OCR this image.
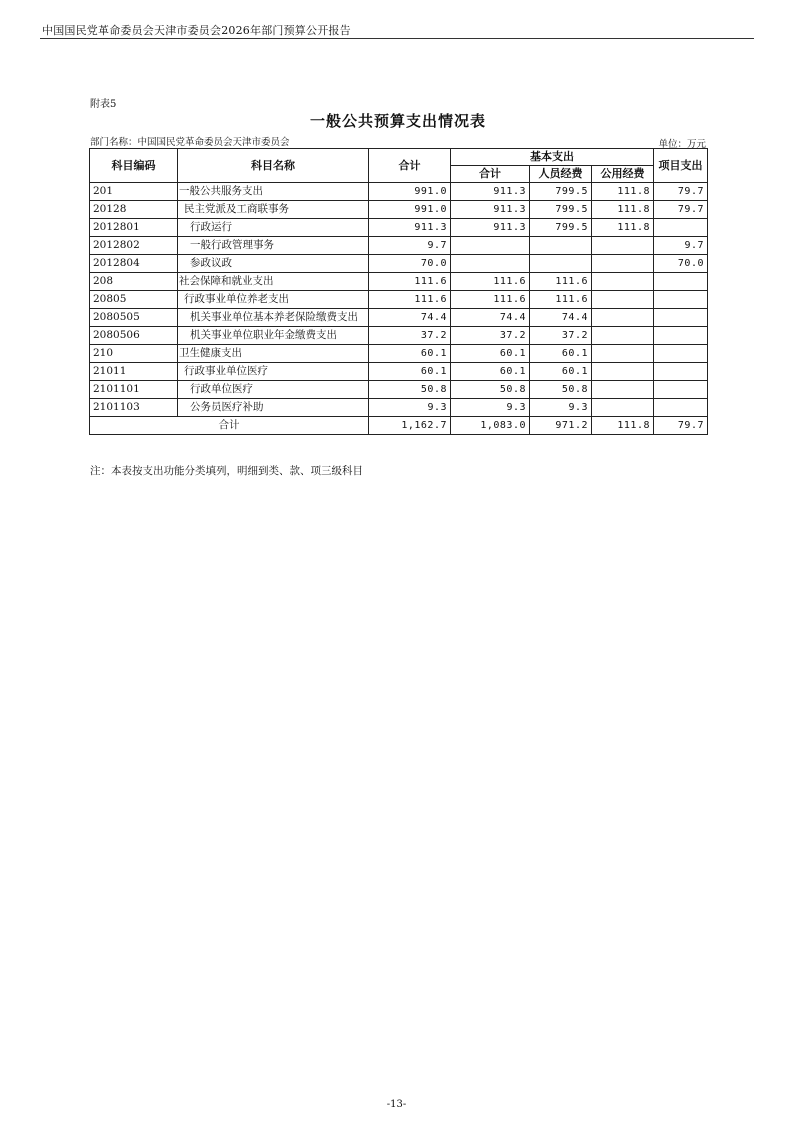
中国国民党革命委员会天津市委员会2026年部门预算公开报告
附表5
一般公共预算支出情况表
部门名称：中国国民党革命委员会天津市委员会	单位：万元
科目编码	科目名称	合计	基本支出			项目支出
			合计	人员经费	公用经费	
201	一般公共服务支出	991.0	911.3	799.5	111.8	79.7
20128	民主党派及工商联事务	991.0	911.3	799.5	111.8	79.7
2012801	行政运行	911.3	911.3	799.5	111.8	
2012802	一般行政管理事务	9.7				9.7
2012804	参政议政	70.0				70.0
208	社会保障和就业支出	111.6	111.6	111.6		
20805	行政事业单位养老支出	111.6	111.6	111.6		
2080505	机关事业单位基本养老保险缴费支出	74.4	74.4	74.4		
2080506	机关事业单位职业年金缴费支出	37.2	37.2	37.2		
210	卫生健康支出	60.1	60.1	60.1		
21011	行政事业单位医疗	60.1	60.1	60.1		
2101101	行政单位医疗	50.8	50.8	50.8		
2101103	公务员医疗补助	9.3	9.3	9.3		
合计		1,162.7	1,083.0	971.2	111.8	79.7
注：本表按支出功能分类填列，明细到类、款、项三级科目
-13-
